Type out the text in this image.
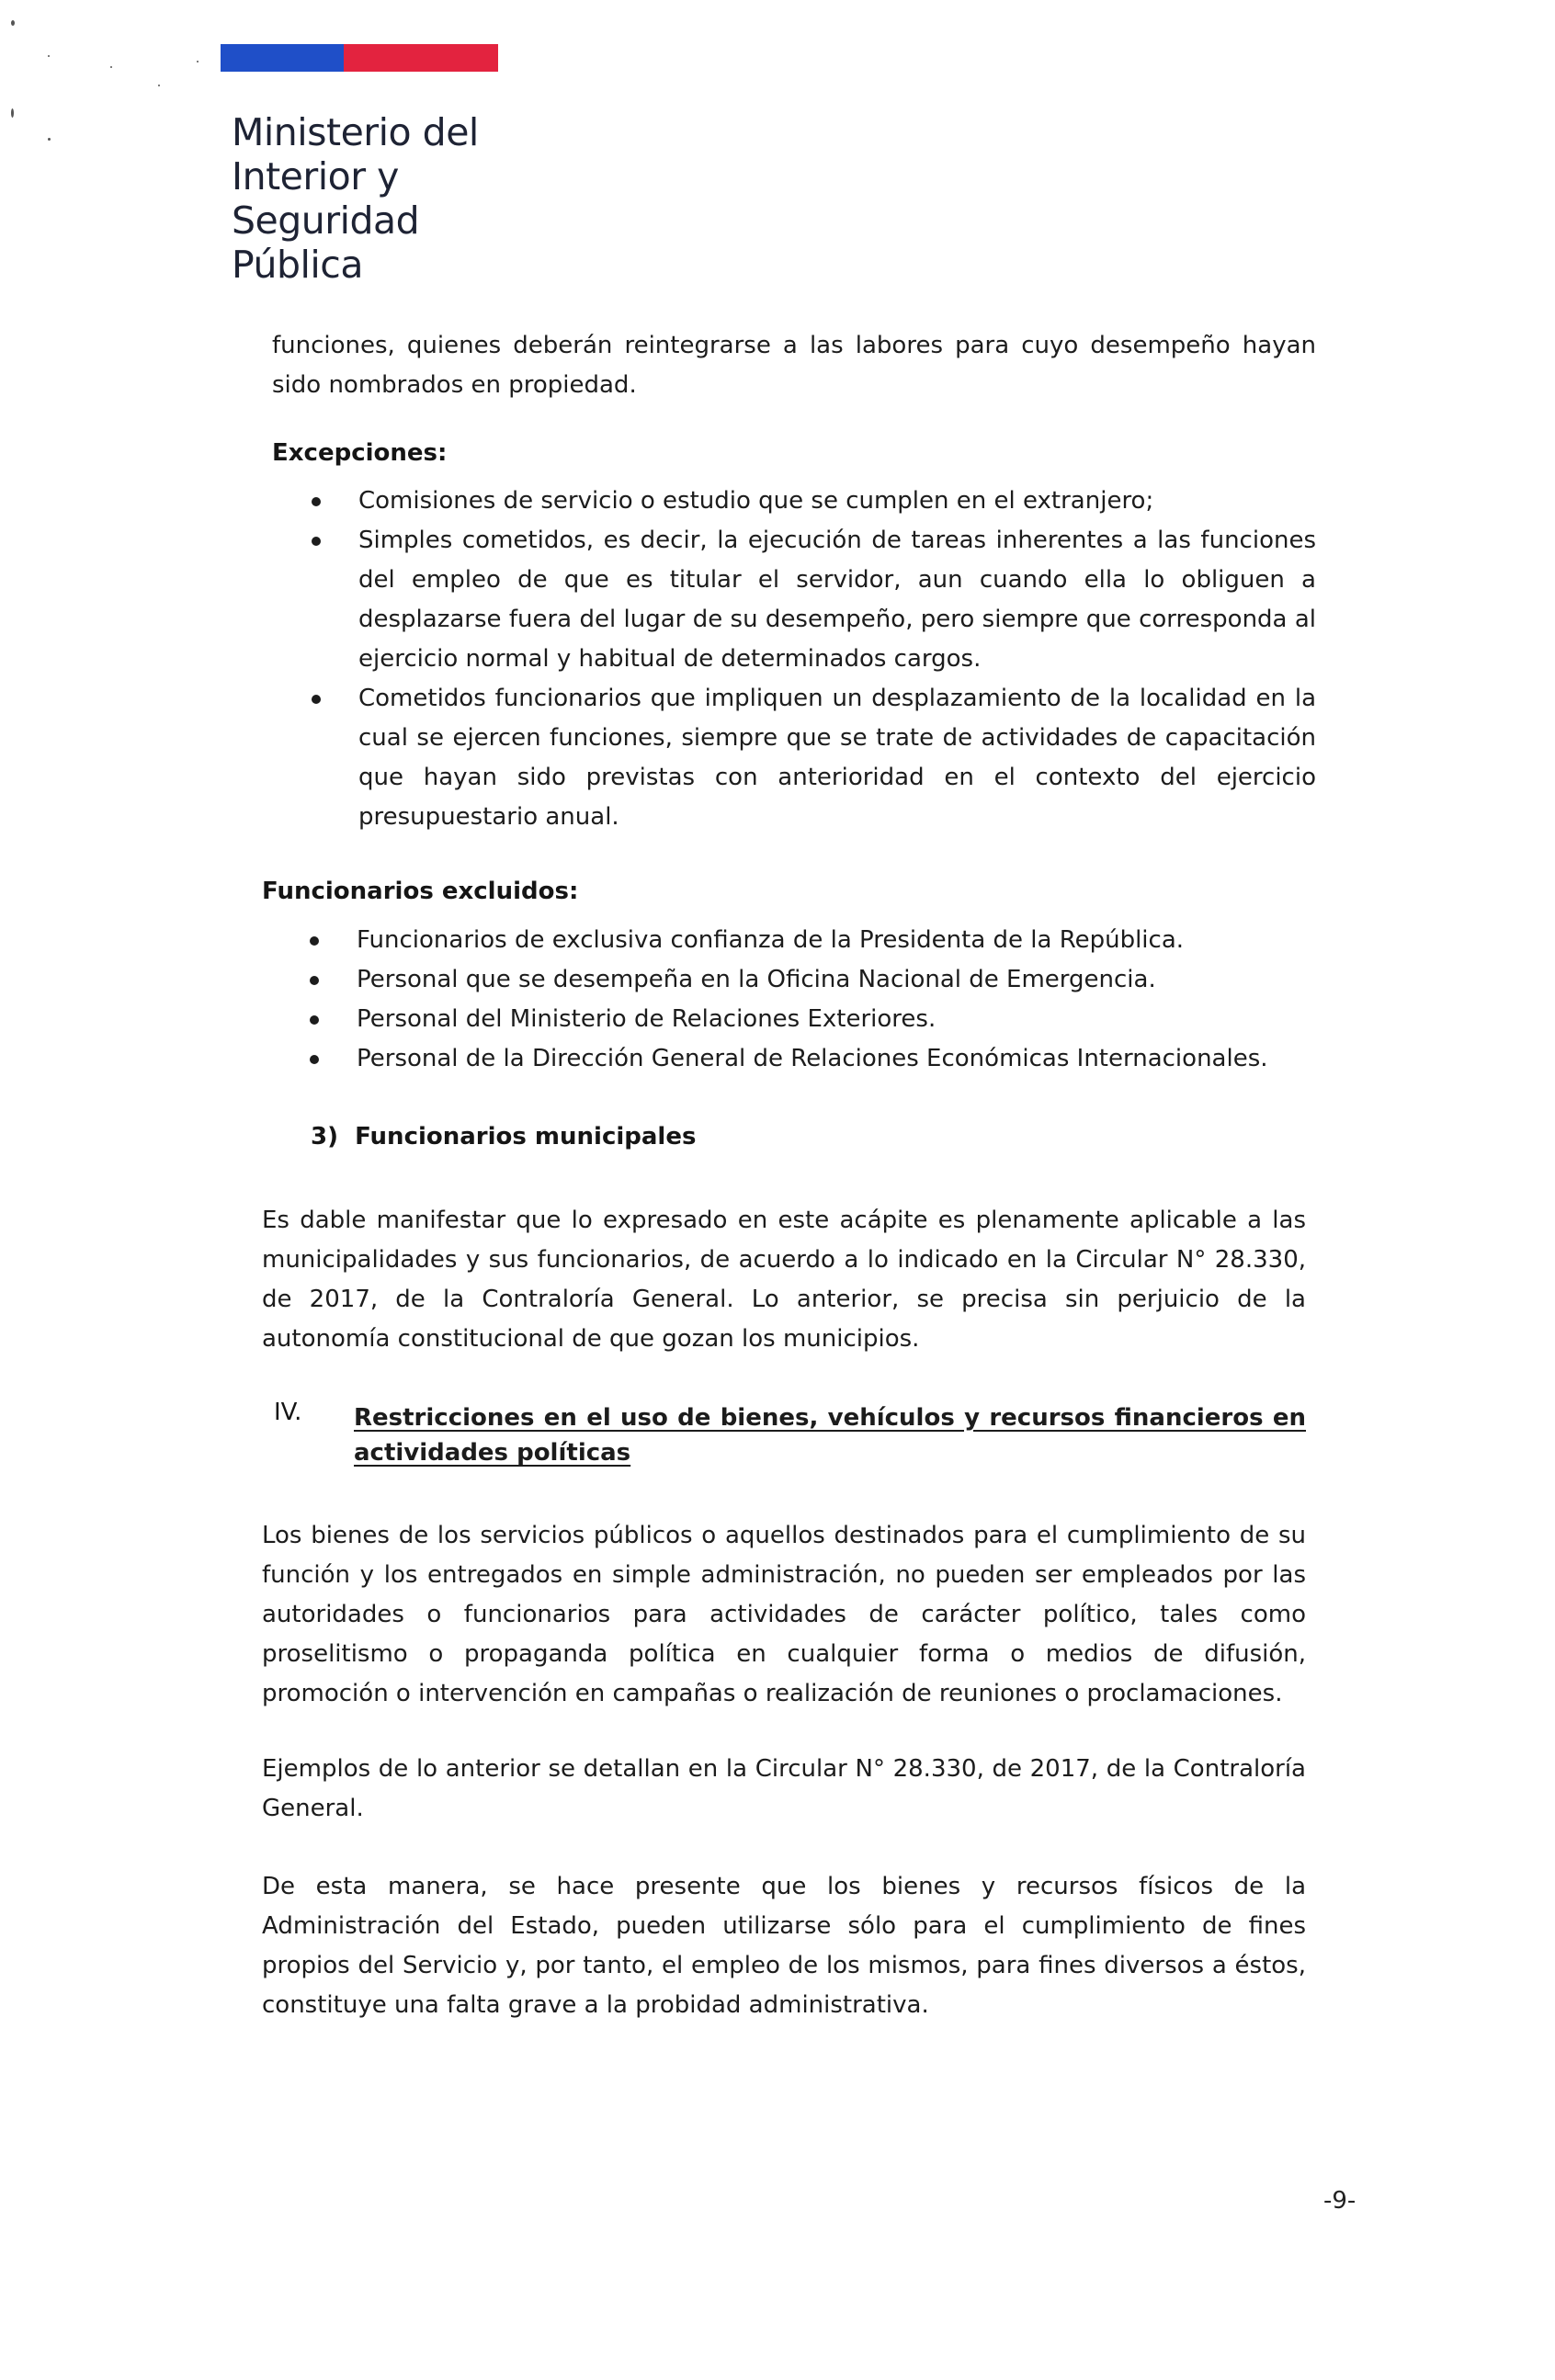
Ministerio del
Interior y
Seguridad
Pública
funciones, quienes deberán reintegrarse a las labores para cuyo desempeño hayan sido nombrados en propiedad.
Excepciones:
Comisiones de servicio o estudio que se cumplen en el extranjero;
Simples cometidos, es decir, la ejecución de tareas inherentes a las funciones del empleo de que es titular el servidor, aun cuando ella lo obliguen a desplazarse fuera del lugar de su desempeño, pero siempre que corresponda al ejercicio normal y habitual de determinados cargos.
Cometidos funcionarios que impliquen un desplazamiento de la localidad en la cual se ejercen funciones, siempre que se trate de actividades de capacitación que hayan sido previstas con anterioridad en el contexto del ejercicio presupuestario anual.
Funcionarios excluidos:
Funcionarios de exclusiva confianza de la Presidenta de la República.
Personal que se desempeña en la Oficina Nacional de Emergencia.
Personal del Ministerio de Relaciones Exteriores.
Personal de la Dirección General de Relaciones Económicas Internacionales.
3)  Funcionarios municipales
Es dable manifestar que lo expresado en este acápite es plenamente aplicable a las municipalidades y sus funcionarios, de acuerdo a lo indicado en la Circular N° 28.330, de 2017, de la Contraloría General. Lo anterior, se precisa sin perjuicio de la autonomía constitucional de que gozan los municipios.
IV. Restricciones en el uso de bienes, vehículos y recursos financieros en actividades políticas
Los bienes de los servicios públicos o aquellos destinados para el cumplimiento de su función y los entregados en simple administración, no pueden ser empleados por las autoridades o funcionarios para actividades de carácter político, tales como proselitismo o propaganda política en cualquier forma o medios de difusión, promoción o intervención en campañas o realización de reuniones o proclamaciones.
Ejemplos de lo anterior se detallan en la Circular N° 28.330, de 2017, de la Contraloría General.
De esta manera, se hace presente que los bienes y recursos físicos de la Administración del Estado, pueden utilizarse sólo para el cumplimiento de fines propios del Servicio y, por tanto, el empleo de los mismos, para fines diversos a éstos, constituye una falta grave a la probidad administrativa.
-9-
